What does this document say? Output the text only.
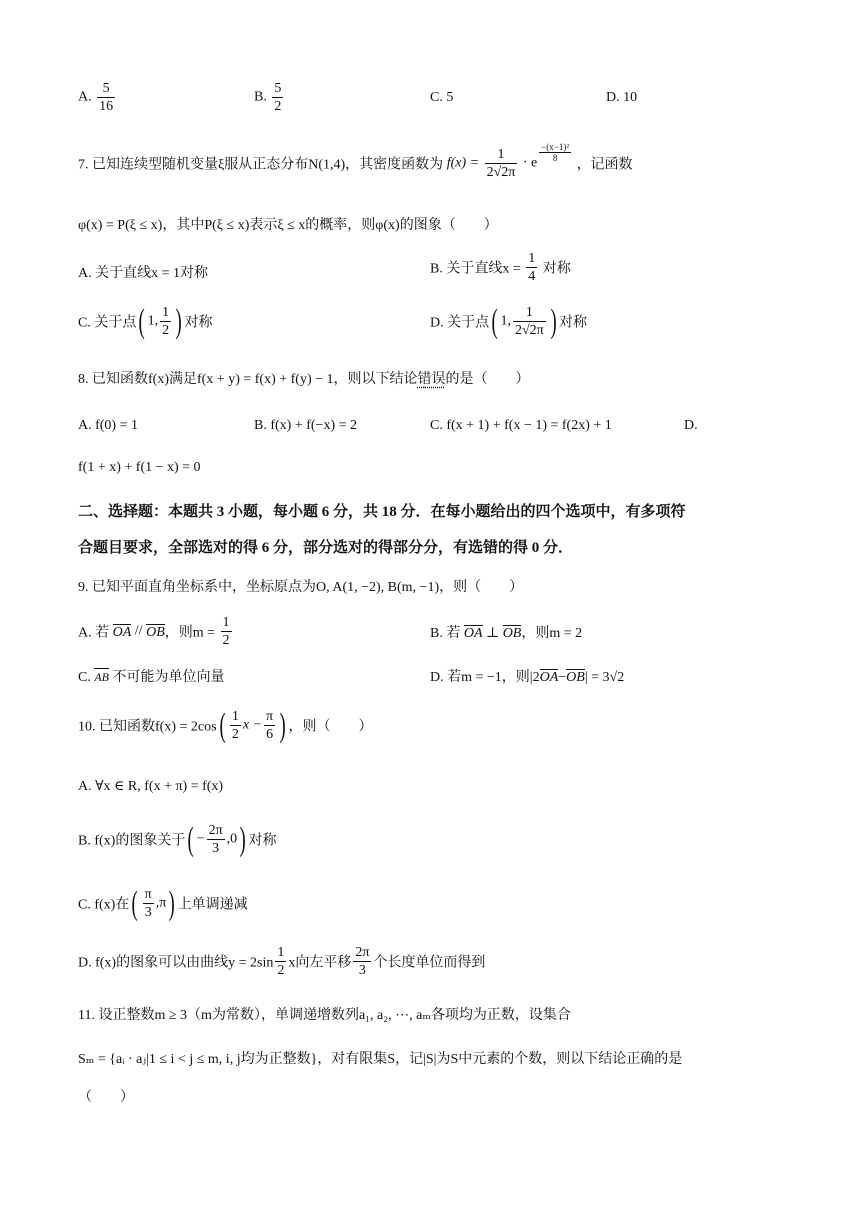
A. $\frac{5}{16}$	B. $\frac{5}{2}$	C. 5	D. 10
7. 已知连续型随机变量ξ服从正态分布N(1,4)，其密度函数为 $f(x) = \frac{1}{2√2\pi} \cdot e \frac{\text{−(x−1)²}}{8}$
，记函数
φ(x) = P(ξ ≤ x)，其中P(ξ ≤ x)表示ξ ≤ x的概率，则φ(x)的图象（　　）
A. 关于直线x = 1对称	B. 关于直线$x = \frac{1}{4}$ 对称
C. 关于点( 1, $\frac{1}{2}$ ) 对称	D. 关于点( 1, $\frac{1}{2√2\pi}$ ) 对称
8. 已知函数f(x)满足f(x + y) = f(x) + f(y) − 1，则以下结论错误的是（　　）
A. f(0) = 1	B. f(x) + f(−x) = 2	C. f(x + 1) + f(x − 1) = f(2x) + 1	D.
f(1 + x) + f(1 − x) = 0
二、选择题：本题共 3 小题，每小题 6 分，共 18 分．在每小题给出的四个选项中，有多项符
合题目要求，全部选对的得 6 分，部分选对的得部分分，有选错的得 0 分．
9. 已知平面直角坐标系中，坐标原点为O, A(1, −2), B(m, −1)，则（　　）
A. 若 OA // OB，则$m = \frac{1}{2}$	B. 若 OA ⊥ OB，则m = 2
C. AB 不可能为单位向量	D. 若m = −1，则|2OA−OB| = 3√2
10. 已知函数$f(x) = 2\cos( \frac{1}{2}$ $x - \frac{\pi}{6}$ ) ，则（　　）
A. ∀x ∈ R, f(x + π) = f(x)
B. f(x)的图象关于( − $\frac{2\pi}{3} ,0$) 对称
C. f(x)在( $\frac{\pi}{3} ,\pi$) 上单调递减
D. f(x)的图象可以由曲线$y = 2\sin \frac{1}{2}$ x向左平移 $\frac{2\pi}{3}$ 个长度单位而得到
11. 设正整数m ≥ 3（m为常数），单调递增数列a₁, a₂, ⋯, aₘ各项均为正数，设集合
Sₘ = {aᵢ · aⱼ|1 ≤ i < j ≤ m, i, j均为正整数}，对有限集S，记|S|为S中元素的个数，则以下结论正确的是
（　　）
